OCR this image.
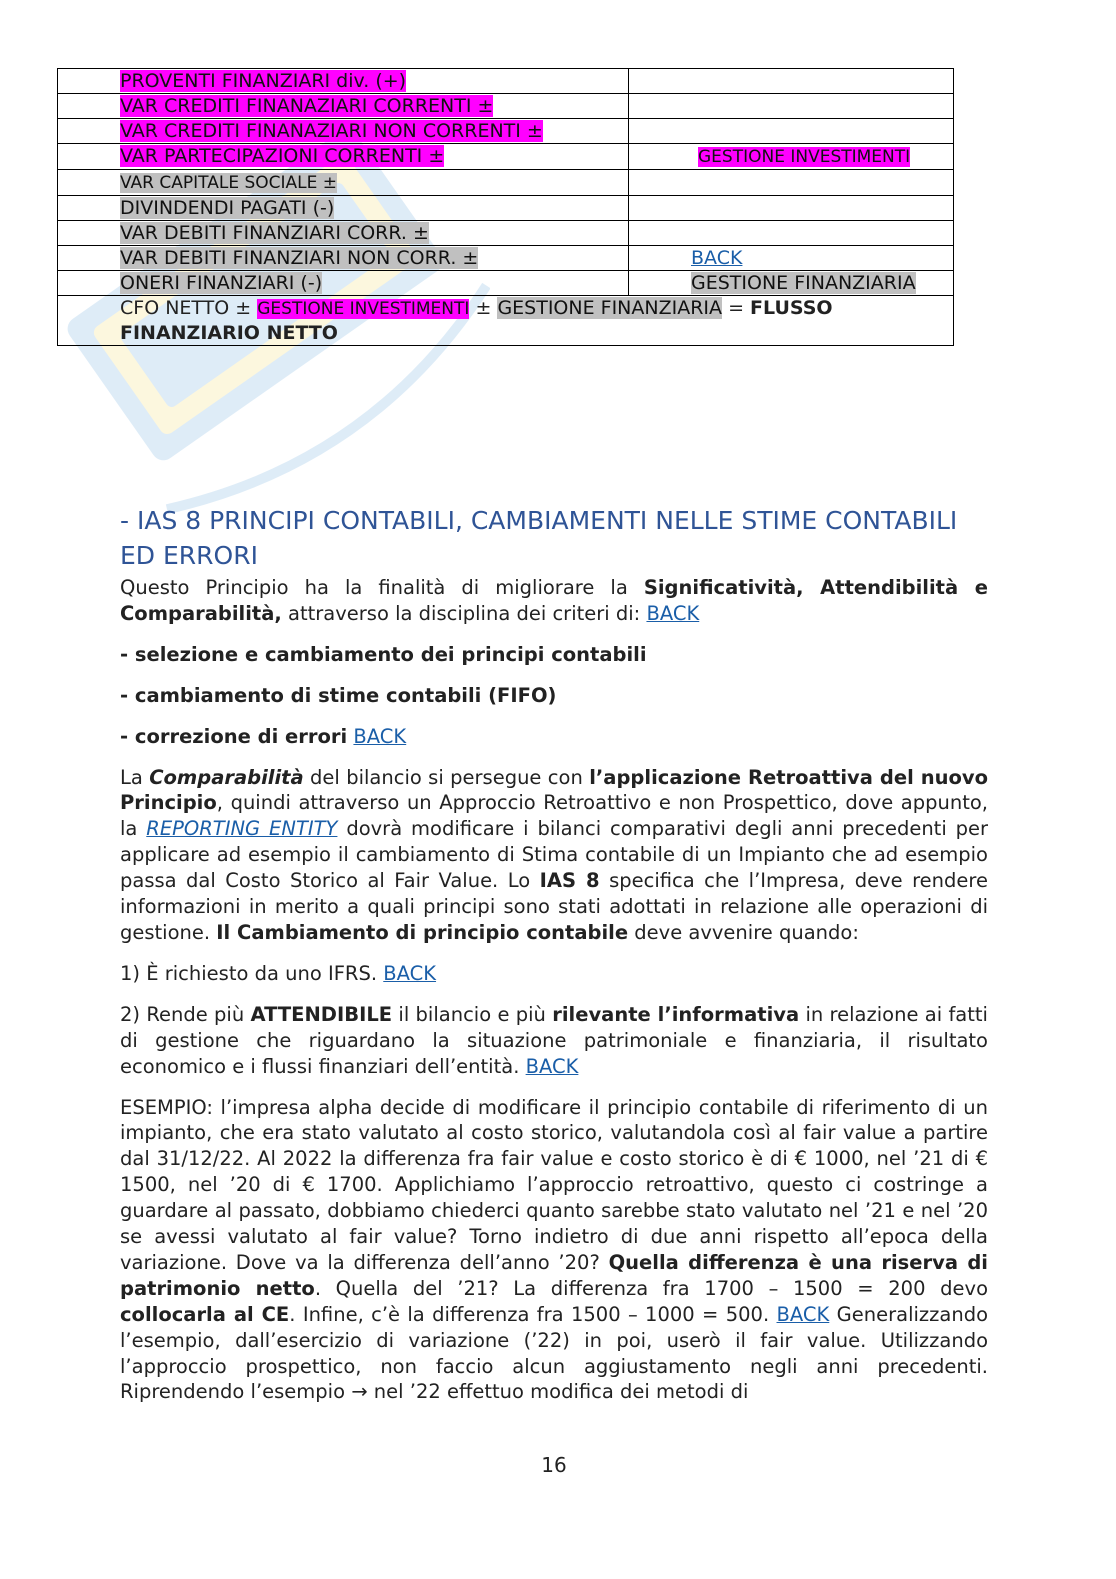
PROVENTI FINANZIARI div. (+)	
VAR CREDITI FINANAZIARI CORRENTI ±	
VAR CREDITI FINANAZIARI NON CORRENTI ±	
VAR PARTECIPAZIONI CORRENTI ±	GESTIONE INVESTIMENTI
VAR CAPITALE SOCIALE ±	
DIVINDENDI PAGATI (-)	
VAR DEBITI FINANZIARI CORR. ±	
VAR DEBITI FINANZIARI NON CORR. ±	BACK
ONERI FINANZIARI (-)	GESTIONE FINANZIARIA
CFO NETTO ± GESTIONE INVESTIMENTI ± GESTIONE FINANZIARIA = FLUSSO FINANZIARIO NETTO	
- IAS 8 PRINCIPI CONTABILI, CAMBIAMENTI NELLE STIME CONTABILI ED ERRORI

Questo Principio ha la finalità di migliorare la Significatività, Attendibilità e Comparabilità, attraverso la disciplina dei criteri di: BACK

- selezione e cambiamento dei principi contabili

- cambiamento di stime contabili (FIFO)

- correzione di errori BACK

La Comparabilità del bilancio si persegue con l’applicazione Retroattiva del nuovo Principio, quindi attraverso un Approccio Retroattivo e non Prospettico, dove appunto, la REPORTING ENTITY dovrà modificare i bilanci comparativi degli anni precedenti per applicare ad esempio il cambiamento di Stima contabile di un Impianto che ad esempio passa dal Costo Storico al Fair Value. Lo IAS 8 specifica che l’Impresa, deve rendere informazioni in merito a quali principi sono stati adottati in relazione alle operazioni di gestione. Il Cambiamento di principio contabile deve avvenire quando:

1) È richiesto da uno IFRS. BACK

2) Rende più ATTENDIBILE il bilancio e più rilevante l’informativa in relazione ai fatti di gestione che riguardano la situazione patrimoniale e finanziaria, il risultato economico e i flussi finanziari dell’entità. BACK

ESEMPIO: l’impresa alpha decide di modificare il principio contabile di riferimento di un impianto, che era stato valutato al costo storico, valutandola così al fair value a partire dal 31/12/22. Al 2022 la differenza fra fair value e costo storico è di € 1000, nel ’21 di € 1500, nel ’20 di € 1700. Applichiamo l’approccio retroattivo, questo ci costringe a guardare al passato, dobbiamo chiederci quanto sarebbe stato valutato nel ’21 e nel ’20 se avessi valutato al fair value? Torno indietro di due anni rispetto all’epoca della variazione. Dove va la differenza dell’anno ’20? Quella differenza è una riserva di patrimonio netto. Quella del ’21? La differenza fra 1700 – 1500 = 200 devo collocarla al CE. Infine, c’è la differenza fra 1500 – 1000 = 500. BACK Generalizzando l’esempio, dall’esercizio di variazione (’22) in poi, userò il fair value. Utilizzando l’approccio prospettico, non faccio alcun aggiustamento negli anni precedenti. Riprendendo l’esempio → nel ’22 effettuo modifica dei metodi di

16
